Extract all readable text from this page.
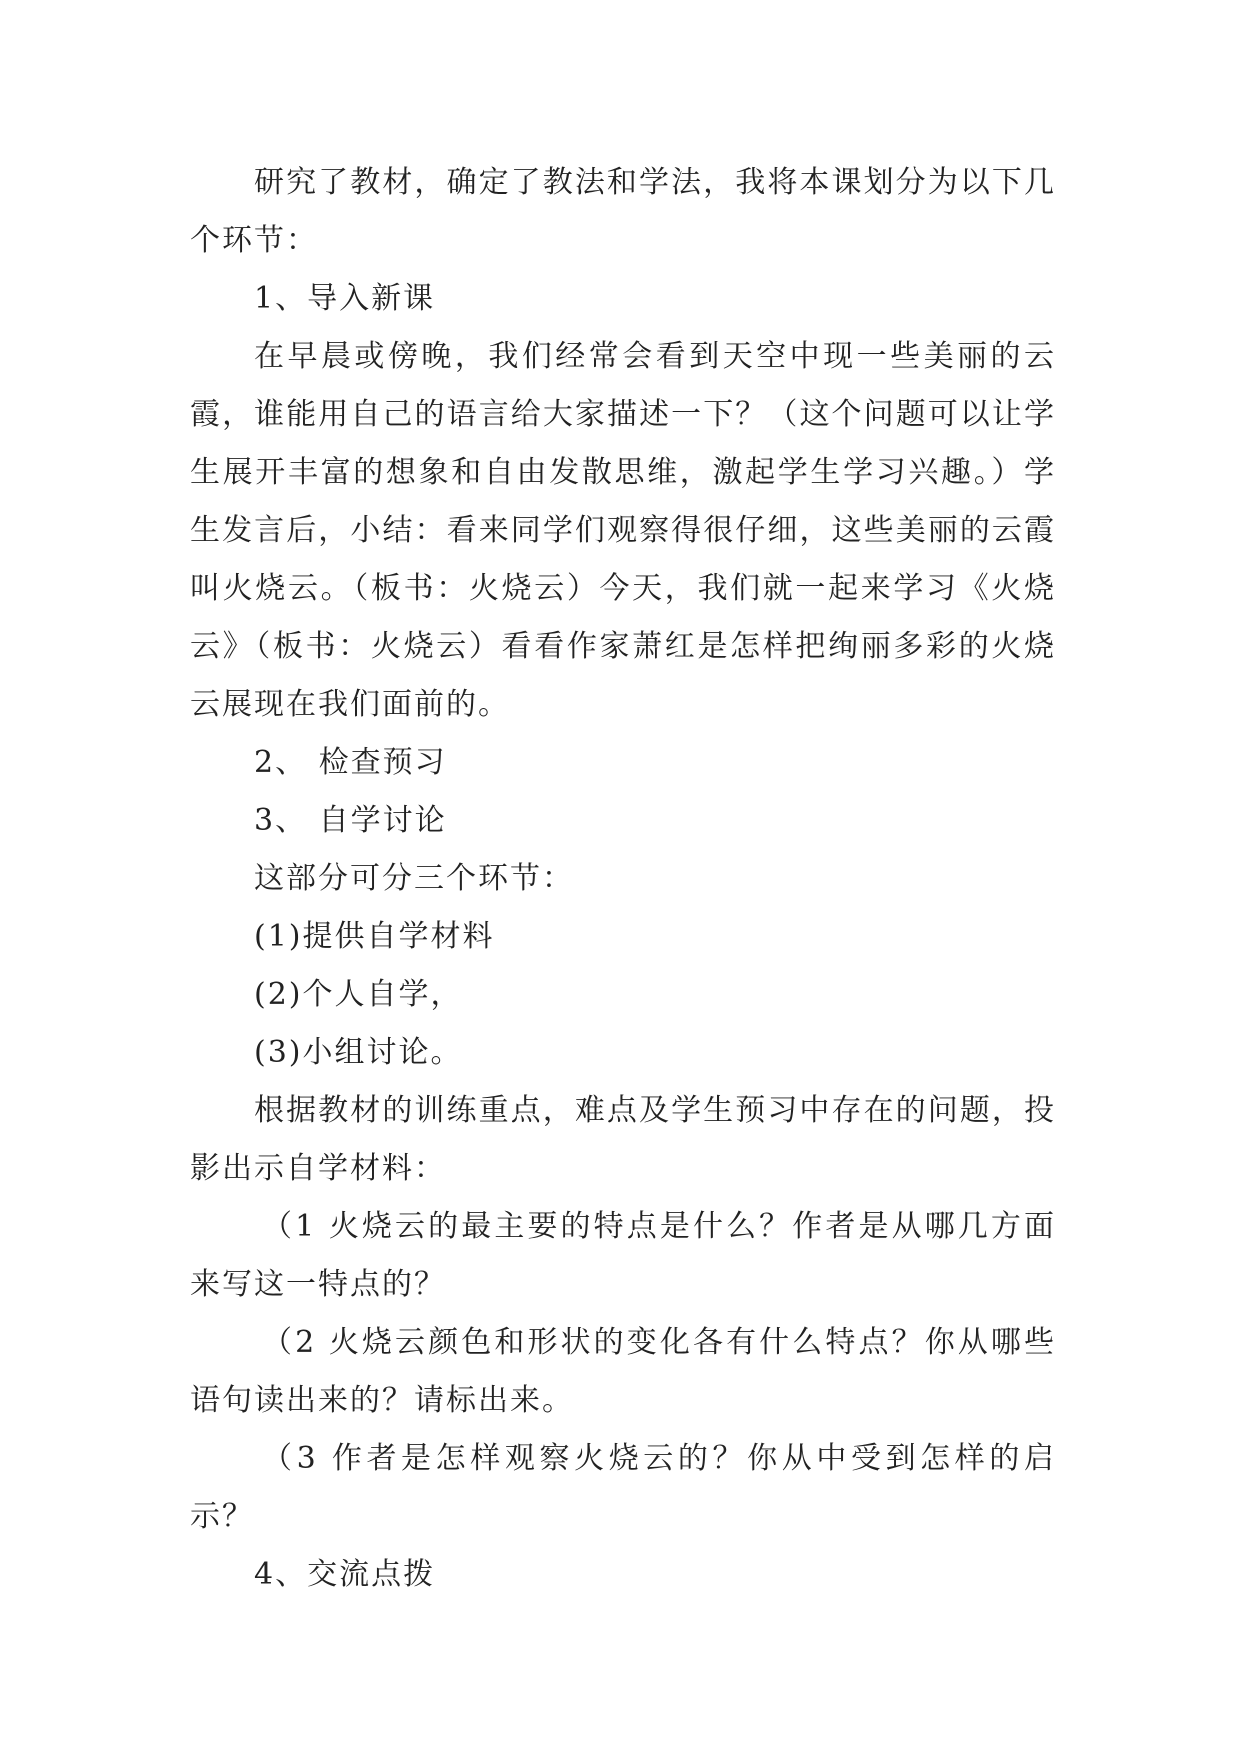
研究了教材，确定了教法和学法，我将本课划分为以下几个环节：

1、导入新课

在早晨或傍晚，我们经常会看到天空中现一些美丽的云霞，谁能用自己的语言给大家描述一下？（这个问题可以让学生展开丰富的想象和自由发散思维，激起学生学习兴趣。）学生发言后，小结：看来同学们观察得很仔细，这些美丽的云霞叫火烧云。（板书：火烧云）今天，我们就一起来学习《火烧云》（板书：火烧云）看看作家萧红是怎样把绚丽多彩的火烧云展现在我们面前的。

2、 检查预习

3、 自学讨论

这部分可分三个环节：

(1)提供自学材料

(2)个人自学，

(3)小组讨论。

根据教材的训练重点，难点及学生预习中存在的问题，投影出示自学材料：

（1 火烧云的最主要的特点是什么？作者是从哪几方面来写这一特点的？

（2 火烧云颜色和形状的变化各有什么特点？你从哪些语句读出来的？请标出来。

（3 作者是怎样观察火烧云的？你从中受到怎样的启示？

4、交流点拨
